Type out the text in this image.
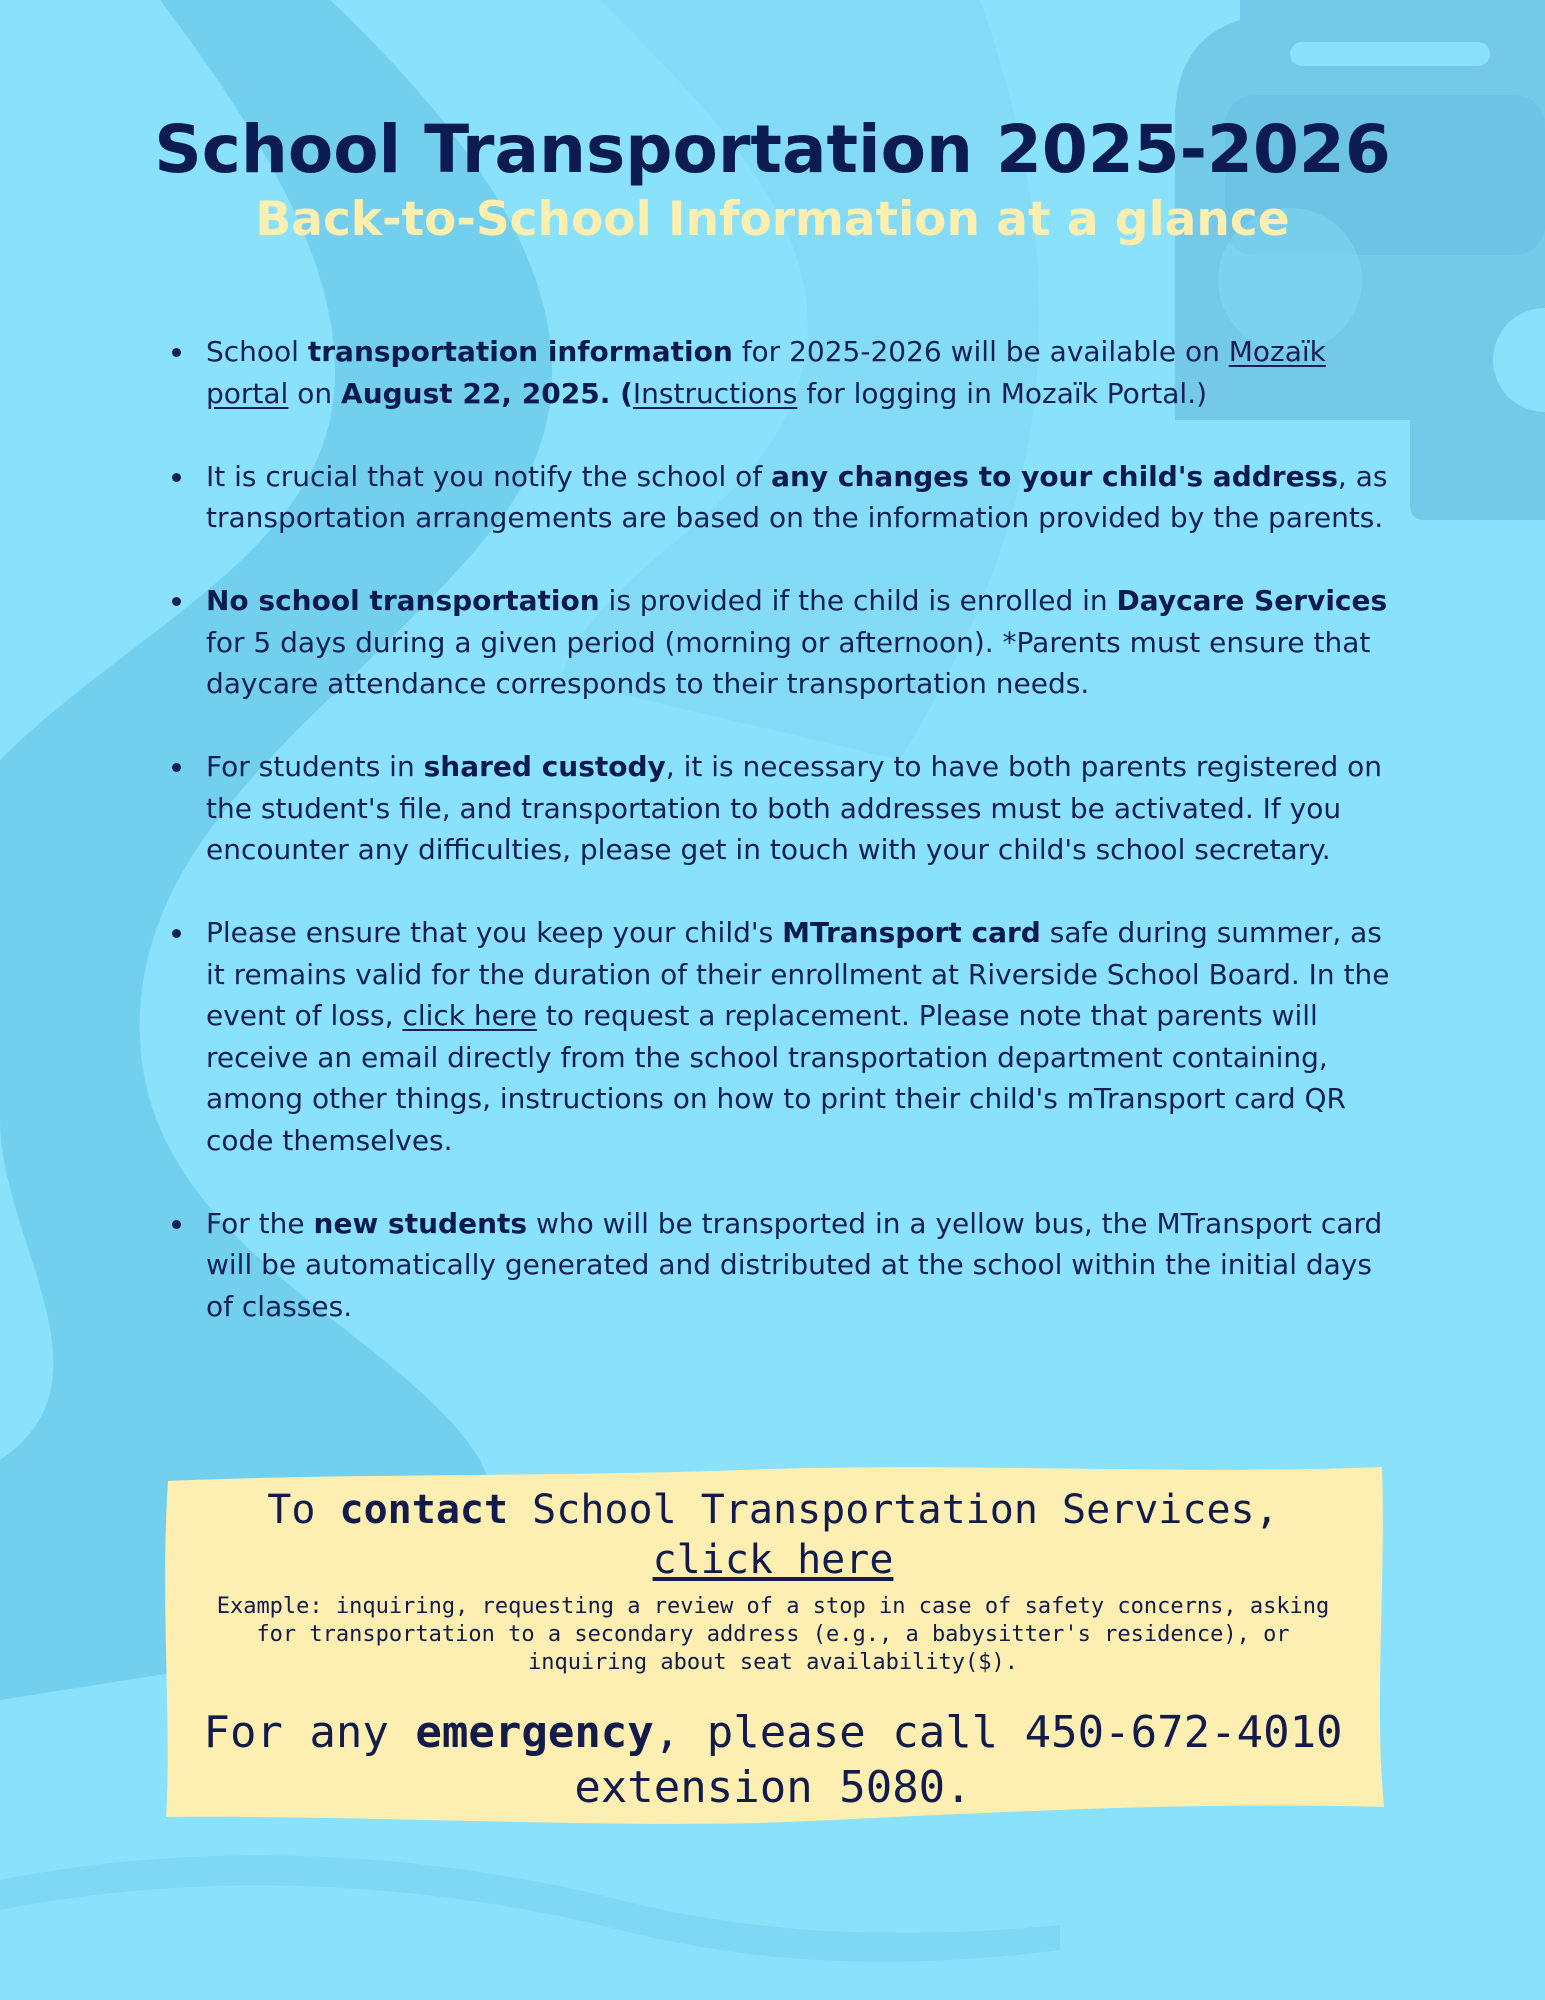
School Transportation 2025-2026
Back-to-School Information at a glance
School transportation information for 2025-2026 will be available on Mozaïk portal on August 22, 2025. (Instructions for logging in Mozaïk Portal.)
It is crucial that you notify the school of any changes to your child's address, as transportation arrangements are based on the information provided by the parents.
No school transportation is provided if the child is enrolled in Daycare Services for 5 days during a given period (morning or afternoon). *Parents must ensure that daycare attendance corresponds to their transportation needs.
For students in shared custody, it is necessary to have both parents registered on the student's file, and transportation to both addresses must be activated. If you encounter any difficulties, please get in touch with your child's school secretary.
Please ensure that you keep your child's MTransport card safe during summer, as it remains valid for the duration of their enrollment at Riverside School Board. In the event of loss, click here to request a replacement. Please note that parents will receive an email directly from the school transportation department containing, among other things, instructions on how to print their child's mTransport card QR code themselves.
For the new students who will be transported in a yellow bus, the MTransport card will be automatically generated and distributed at the school within the initial days of classes.
To contact School Transportation Services,
click here
Example: inquiring, requesting a review of a stop in case of safety concerns, asking for transportation to a secondary address (e.g., a babysitter's residence), or inquiring about seat availability($).
For any emergency, please call 450-672-4010 extension 5080.
